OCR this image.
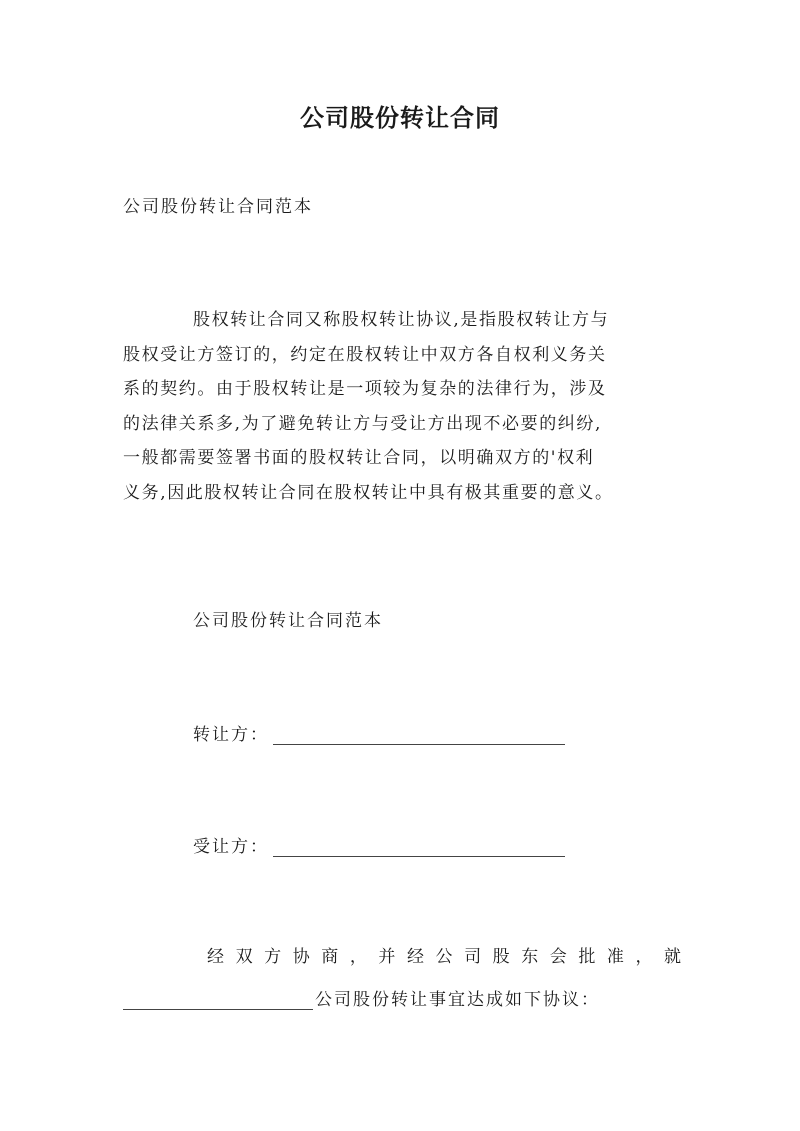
公司股份转让合同
公司股份转让合同范本
股权转让合同又称股权转让协议,是指股权转让方与
股权受让方签订的，约定在股权转让中双方各自权利义务关
系的契约。由于股权转让是一项较为复杂的法律行为，涉及
的法律关系多,为了避免转让方与受让方出现不必要的纠纷,
一般都需要签署书面的股权转让合同，以明确双方的'权利
义务,因此股权转让合同在股权转让中具有极其重要的意义。
公司股份转让合同范本
转让方：
受让方：
经 双 方 协 商 ， 并 经 公 司 股 东 会 批 准 ， 就
公司股份转让事宜达成如下协议：
